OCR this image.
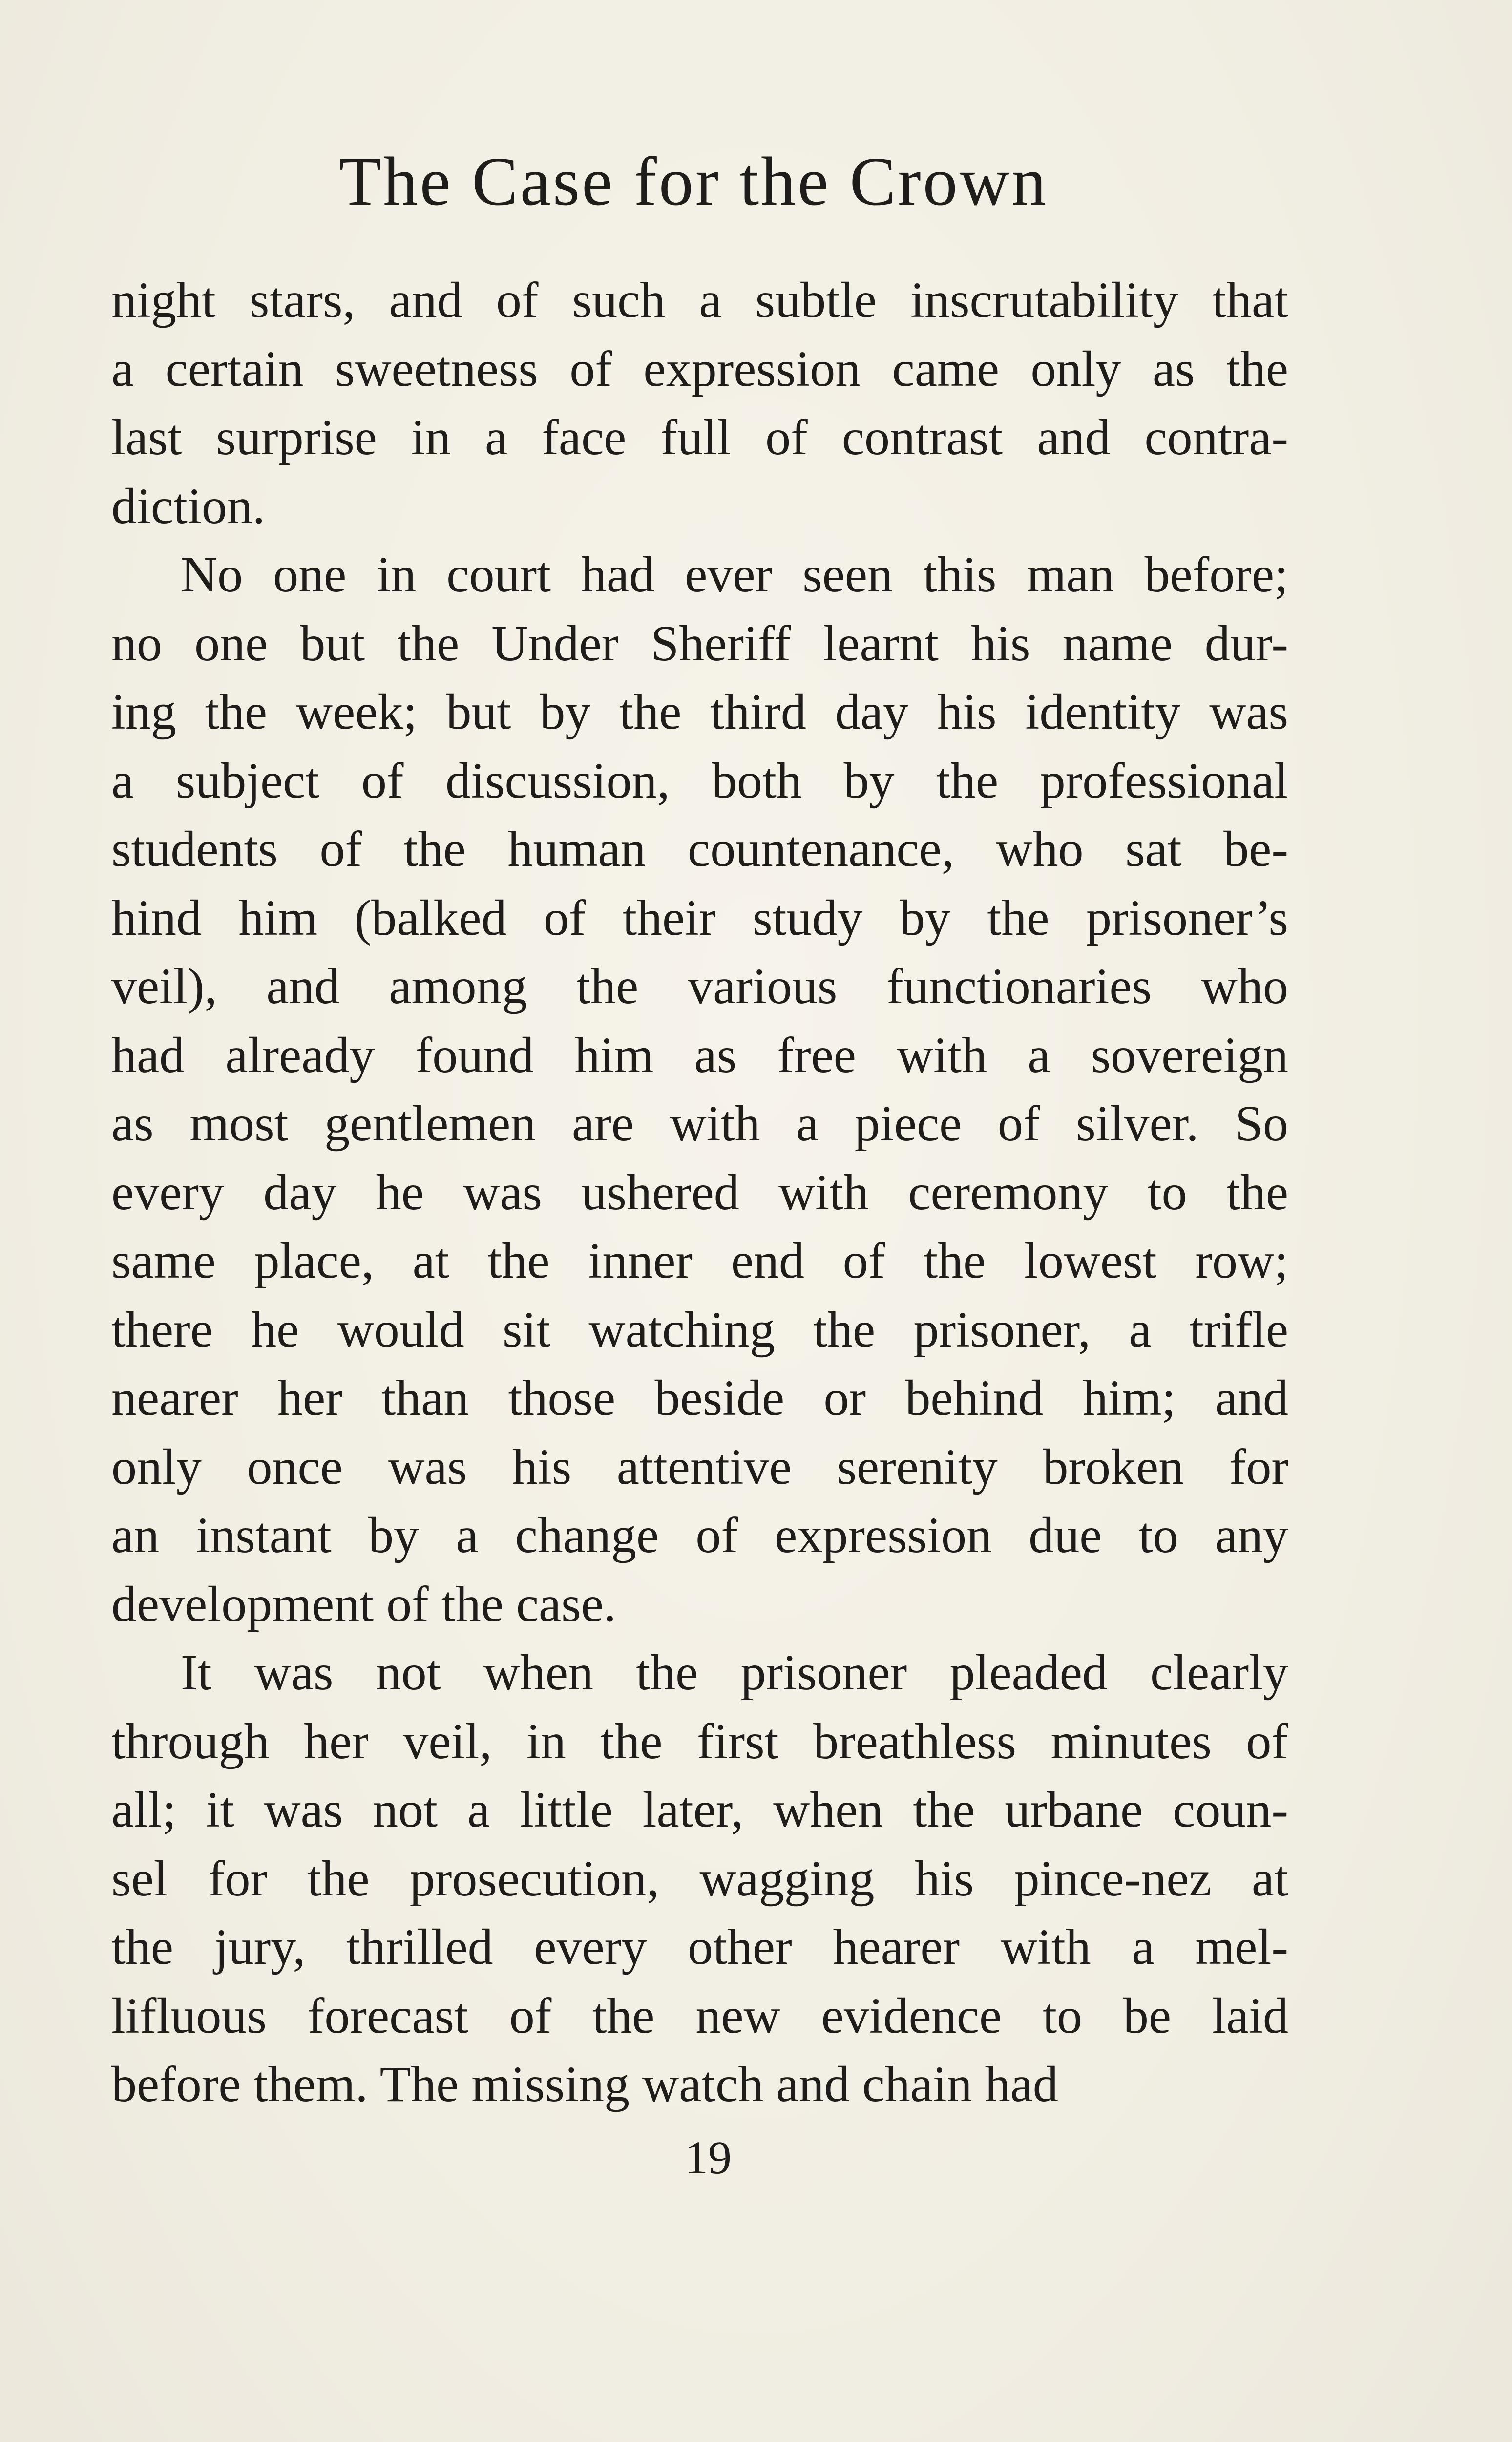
The Case for the Crown
night stars, and of such a subtle inscrutability that
a certain sweetness of expression came only as the
last surprise in a face full of contrast and contra-
diction.
No one in court had ever seen this man before;
no one but the Under Sheriff learnt his name dur-
ing the week; but by the third day his identity was
a subject of discussion, both by the professional
students of the human countenance, who sat be-
hind him (balked of their study by the prisoner’s
veil), and among the various functionaries who
had already found him as free with a sovereign
as most gentlemen are with a piece of silver. So
every day he was ushered with ceremony to the
same place, at the inner end of the lowest row;
there he would sit watching the prisoner, a trifle
nearer her than those beside or behind him; and
only once was his attentive serenity broken for
an instant by a change of expression due to any
development of the case.
It was not when the prisoner pleaded clearly
through her veil, in the first breathless minutes of
all; it was not a little later, when the urbane coun-
sel for the prosecution, wagging his pince-nez at
the jury, thrilled every other hearer with a mel-
lifluous forecast of the new evidence to be laid
before them. The missing watch and chain had
19
